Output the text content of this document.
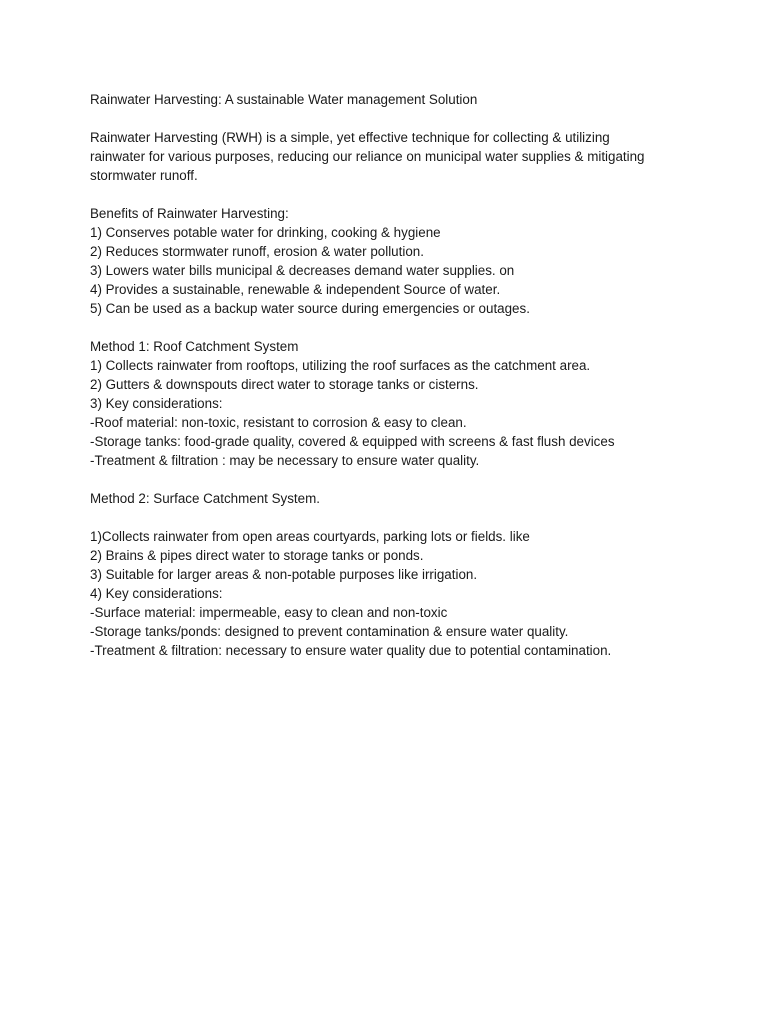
Rainwater Harvesting: A sustainable Water management Solution
Rainwater Harvesting (RWH) is a simple, yet effective technique for collecting & utilizing
rainwater for various purposes, reducing our reliance on municipal water supplies & mitigating
stormwater runoff.
Benefits of Rainwater Harvesting:
1) Conserves potable water for drinking, cooking & hygiene
2) Reduces stormwater runoff, erosion & water pollution.
3) Lowers water bills municipal & decreases demand water supplies. on
4) Provides a sustainable, renewable & independent Source of water.
5) Can be used as a backup water source during emergencies or outages.
Method 1: Roof Catchment System
1) Collects rainwater from rooftops, utilizing the roof surfaces as the catchment area.
2) Gutters & downspouts direct water to storage tanks or cisterns.
3) Key considerations:
-Roof material: non-toxic, resistant to corrosion & easy to clean.
-Storage tanks: food-grade quality, covered & equipped with screens & fast flush devices
-Treatment & filtration : may be necessary to ensure water quality.
Method 2: Surface Catchment System.
1)Collects rainwater from open areas courtyards, parking lots or fields. like
2) Brains & pipes direct water to storage tanks or ponds.
3) Suitable for larger areas & non-potable purposes like irrigation.
4) Key considerations:
-Surface material: impermeable, easy to clean and non-toxic
-Storage tanks/ponds: designed to prevent contamination & ensure water quality.
-Treatment & filtration: necessary to ensure water quality due to potential contamination.
